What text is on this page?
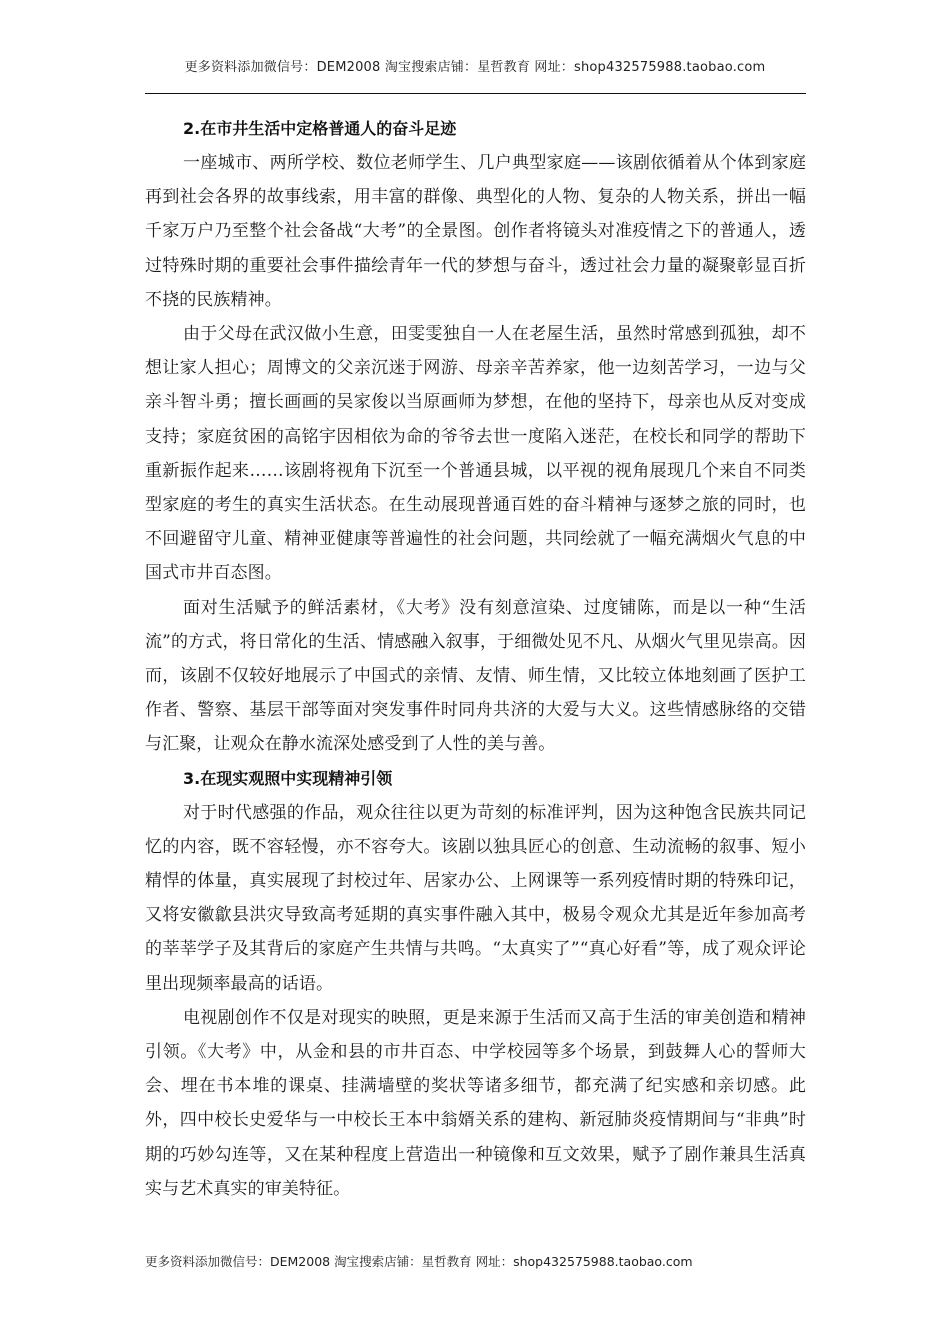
更多资料添加微信号：DEM2008 淘宝搜索店铺：星哲教育 网址：shop432575988.taobao.com
2.在市井生活中定格普通人的奋斗足迹

一座城市、两所学校、数位老师学生、几户典型家庭——该剧依循着从个体到家庭再到社会各界的故事线索，用丰富的群像、典型化的人物、复杂的人物关系，拼出一幅千家万户乃至整个社会备战“大考”的全景图。创作者将镜头对准疫情之下的普通人，透过特殊时期的重要社会事件描绘青年一代的梦想与奋斗，透过社会力量的凝聚彰显百折不挠的民族精神。

由于父母在武汉做小生意，田雯雯独自一人在老屋生活，虽然时常感到孤独，却不想让家人担心；周博文的父亲沉迷于网游、母亲辛苦养家，他一边刻苦学习，一边与父亲斗智斗勇；擅长画画的吴家俊以当原画师为梦想，在他的坚持下，母亲也从反对变成支持；家庭贫困的高铭宇因相依为命的爷爷去世一度陷入迷茫，在校长和同学的帮助下重新振作起来……该剧将视角下沉至一个普通县城，以平视的视角展现几个来自不同类型家庭的考生的真实生活状态。在生动展现普通百姓的奋斗精神与逐梦之旅的同时，也不回避留守儿童、精神亚健康等普遍性的社会问题，共同绘就了一幅充满烟火气息的中国式市井百态图。

面对生活赋予的鲜活素材，《大考》没有刻意渲染、过度铺陈，而是以一种“生活流”的方式，将日常化的生活、情感融入叙事，于细微处见不凡、从烟火气里见崇高。因而，该剧不仅较好地展示了中国式的亲情、友情、师生情，又比较立体地刻画了医护工作者、警察、基层干部等面对突发事件时同舟共济的大爱与大义。这些情感脉络的交错与汇聚，让观众在静水流深处感受到了人性的美与善。

3.在现实观照中实现精神引领

对于时代感强的作品，观众往往以更为苛刻的标准评判，因为这种饱含民族共同记忆的内容，既不容轻慢，亦不容夸大。该剧以独具匠心的创意、生动流畅的叙事、短小精悍的体量，真实展现了封校过年、居家办公、上网课等一系列疫情时期的特殊印记，又将安徽歙县洪灾导致高考延期的真实事件融入其中，极易令观众尤其是近年参加高考的莘莘学子及其背后的家庭产生共情与共鸣。“太真实了”“真心好看”等，成了观众评论里出现频率最高的话语。

电视剧创作不仅是对现实的映照，更是来源于生活而又高于生活的审美创造和精神引领。《大考》中，从金和县的市井百态、中学校园等多个场景，到鼓舞人心的誓师大会、埋在书本堆的课桌、挂满墙壁的奖状等诸多细节，都充满了纪实感和亲切感。此外，四中校长史爱华与一中校长王本中翁婿关系的建构、新冠肺炎疫情期间与“非典”时期的巧妙勾连等，又在某种程度上营造出一种镜像和互文效果，赋予了剧作兼具生活真实与艺术真实的审美特征。

更多资料添加微信号：DEM2008 淘宝搜索店铺：星哲教育 网址：shop432575988.taobao.com
